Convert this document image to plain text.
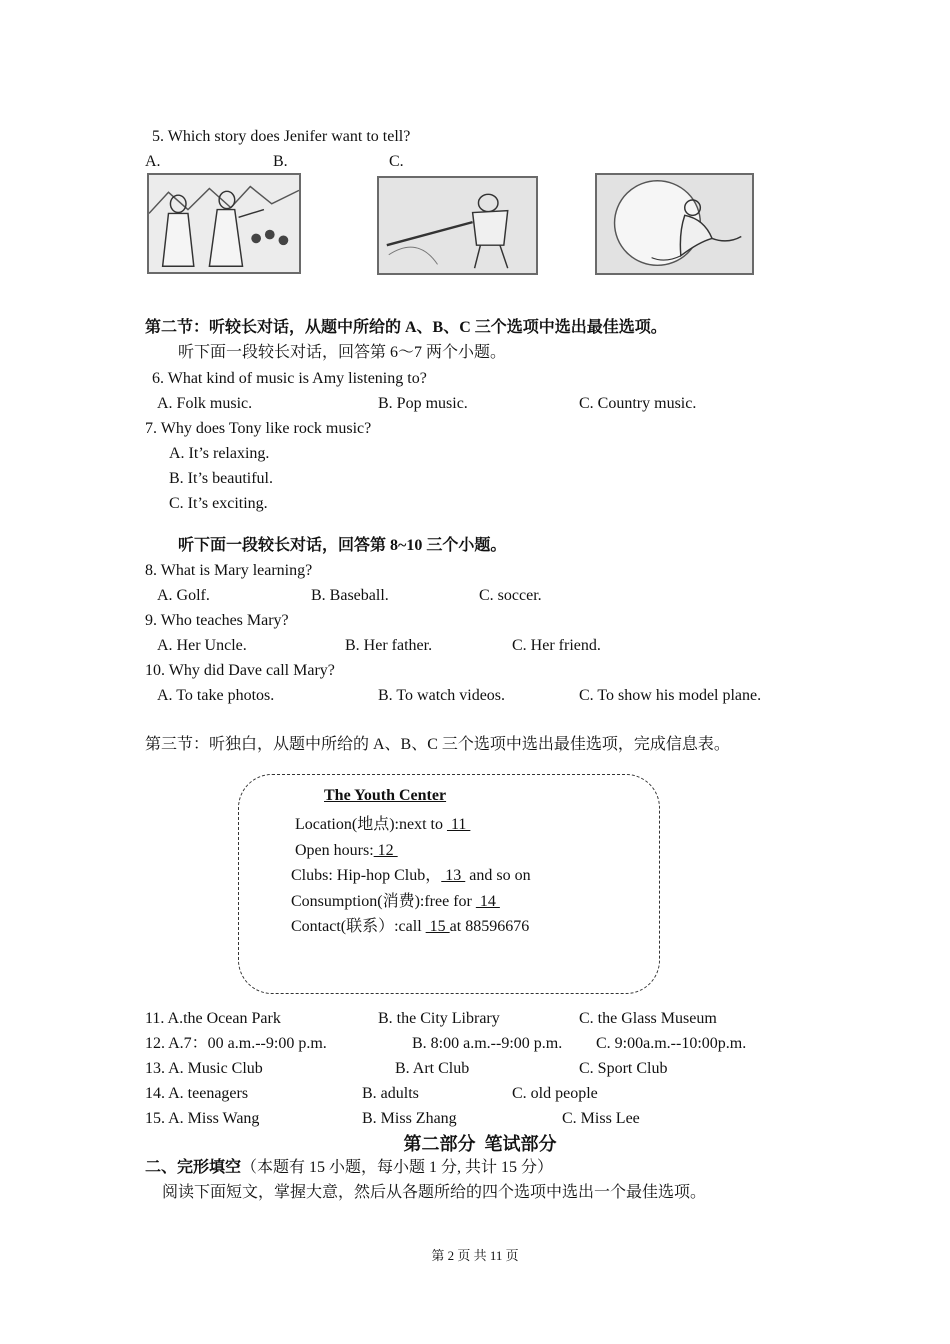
5. Which story does Jenifer want to tell?
A.	B.	C.
第二节：听较长对话，从题中所给的 A、B、C 三个选项中选出最佳选项。
听下面一段较长对话，回答第 6～7 两个小题。
6. What kind of music is Amy listening to?
A. Folk music.	B. Pop music.	C. Country music.
7. Why does Tony like rock music?
A. It’s relaxing.
B. It’s beautiful.
C. It’s exciting.
听下面一段较长对话，回答第 8~10 三个小题。
8. What is Mary learning?
A. Golf.	B. Baseball.	C. soccer.
9. Who teaches Mary?
A. Her Uncle.	B. Her father.	C. Her friend.
10. Why did Dave call Mary?
A. To take photos.	B. To watch videos.	C. To show his model plane.
第三节：听独白，从题中所给的 A、B、C 三个选项中选出最佳选项，完成信息表。
The Youth Center
Location(地点):next to  11
Open hours: 12
Clubs: Hip-hop Club， 13  and so on
Consumption(消费):free for  14
Contact(联系）:call  15 at 88596676
11. A.the Ocean Park	B. the City Library	C. the Glass Museum
12. A.7：00 a.m.--9:00 p.m.	B. 8:00 a.m.--9:00 p.m. C. 9:00a.m.--10:00p.m.
13. A. Music Club	B. Art Club	C. Sport Club
14. A. teenagers	B. adults	C. old people
15. A. Miss Wang	B. Miss Zhang	C. Miss Lee
第二部分  笔试部分
二、完形填空（本题有 15 小题，每小题 1 分, 共计 15 分）
阅读下面短文，掌握大意，然后从各题所给的四个选项中选出一个最佳选项。
第 2 页 共 11 页
